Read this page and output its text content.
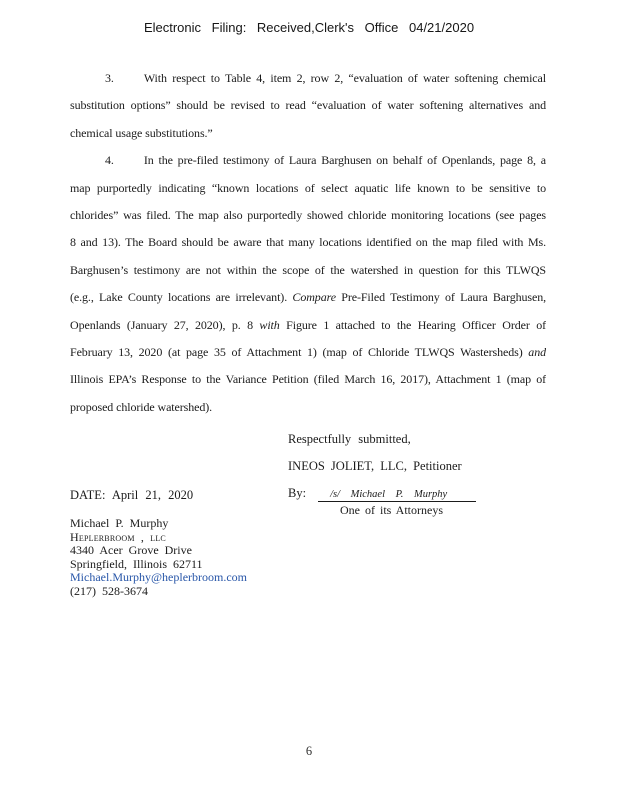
Electronic Filing: Received,Clerk's Office 04/21/2020
3.	With respect to Table 4, item 2, row 2, “evaluation of water softening chemical
substitution options” should be revised to read “evaluation of water softening alternatives and
chemical usage substitutions.”
4.	In the pre-filed testimony of Laura Barghusen on behalf of Openlands, page 8, a
map purportedly indicating “known locations of select aquatic life known to be sensitive to
chlorides” was filed. The map also purportedly showed chloride monitoring locations (see pages
8 and 13). The Board should be aware that many locations identified on the map filed with Ms.
Barghusen’s testimony are not within the scope of the watershed in question for this TLWQS
(e.g., Lake County locations are irrelevant). Compare Pre-Filed Testimony of Laura Barghusen,
Openlands (January 27, 2020), p. 8 with Figure 1 attached to the Hearing Officer Order of
February 13, 2020 (at page 35 of Attachment 1) (map of Chloride TLWQS Wastersheds) and
Illinois EPA’s Response to the Variance Petition (filed March 16, 2017), Attachment 1 (map of
proposed chloride watershed).
Respectfully submitted,
INEOS JOLIET, LLC, Petitioner
By: /s/ Michael P. Murphy
One of its Attorneys
DATE: April 21, 2020
Michael P. Murphy
Heplerbroom , llc
4340 Acer Grove Drive
Springfield, Illinois 62711
Michael.Murphy@heplerbroom.com
(217) 528-3674
6
